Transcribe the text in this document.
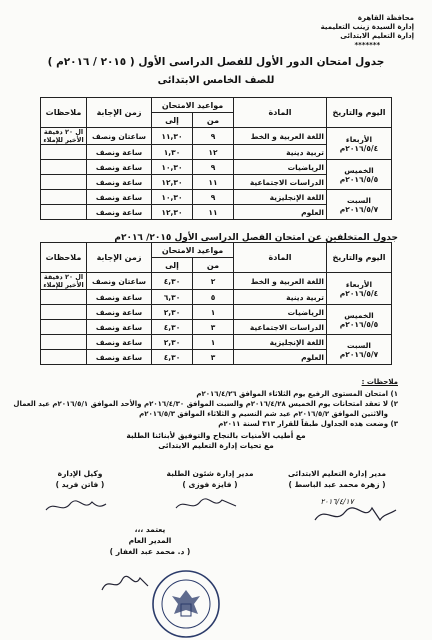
محافظة القاهرة
إدارة السيدة زينب التعليمية
إدارة التعليم الابتدائى
*******
جدول امتحان الدور الأول للفصل الدراسى الأول ( ٢٠١٥ / ٢٠١٦م )
للصف الخامس الابتدائى
اليوم والتاريخ	المادة	مواعيد الامتحان		زمن الإجابة	ملاحظات
		من	إلى		

الأربعاء
٢٠١٦/٥/٤م	اللغة العربية و الخط	٩	١١,٣٠	ساعتان ونصف	ال ٢٠ دقيقة الأخير للإملاء
	تربية دينية	١٢	١,٣٠	ساعة ونصف	

الخميس
٢٠١٦/٥/٥م	الرياضيات	٩	١٠,٣٠	ساعة ونصف	
	الدراسات الاجتماعية	١١	١٢,٣٠	ساعة ونصف	

السبت
٢٠١٦/٥/٧م	اللغة الإنجليزية	٩	١٠,٣٠	ساعة ونصف	
	العلوم	١١	١٢,٣٠	ساعة ونصف	
جدول المتخلفين عن امتحان الفصل الدراسى الأول ٢٠١٥/ ٢٠١٦م
اليوم والتاريخ	المادة	مواعيد الامتحان		زمن الإجابة	ملاحظات
		من	إلى		

الأربعاء
٢٠١٦/٥/٤م	اللغة العربية و الخط	٢	٤,٣٠	ساعتان ونصف	ال ٢٠ دقيقة الأخير للإملاء
	تربية دينية	٥	٦,٣٠	ساعة ونصف	

الخميس
٢٠١٦/٥/٥م	الرياضيات	١	٢,٣٠	ساعة ونصف	
	الدراسات الاجتماعية	٣	٤,٣٠	ساعة ونصف	

السبت
٢٠١٦/٥/٧م	اللغة الإنجليزية	١	٢,٣٠	ساعة ونصف	
	العلوم	٣	٤,٣٠	ساعة ونصف	
ملاحظات :
١) امتحان المستوى الرفيع يوم الثلاثاء الموافق ٢٠١٦/٤/٢٦م
٢) لا تعقد امتحانات يوم الخميس ٢٠١٦/٤/٢٨م والسبت الموافق ٢٠١٦/٤/٣٠م والأحد الموافق ٢٠١٦/٥/١م عيد العمال
والاثنين الموافق ٢٠١٦/٥/٢م عيد شم النسيم و الثلاثاء الموافق ٢٠١٦/٥/٣م
٣) وضعت هذه الجداول طبقاً للقرار ٣١٣ لسنة ٢٠١١م
مع أطيب الأمنيات بالنجاح والتوفيق لأبنائنا الطلبة
مع تحيات إدارة التعليم الابتدائى
مدير إدارة التعليم الابتدائى
( زهرة محمد عبد الباسط )
٢٠١٦/٤/١٧
مدير إدارة شئون الطلبة
( فايزة فوزى )
وكيل الإدارة
( فاتن فريد )
يعتمد ،،،
المدير العام
( د. محمد عبد الغفار )
